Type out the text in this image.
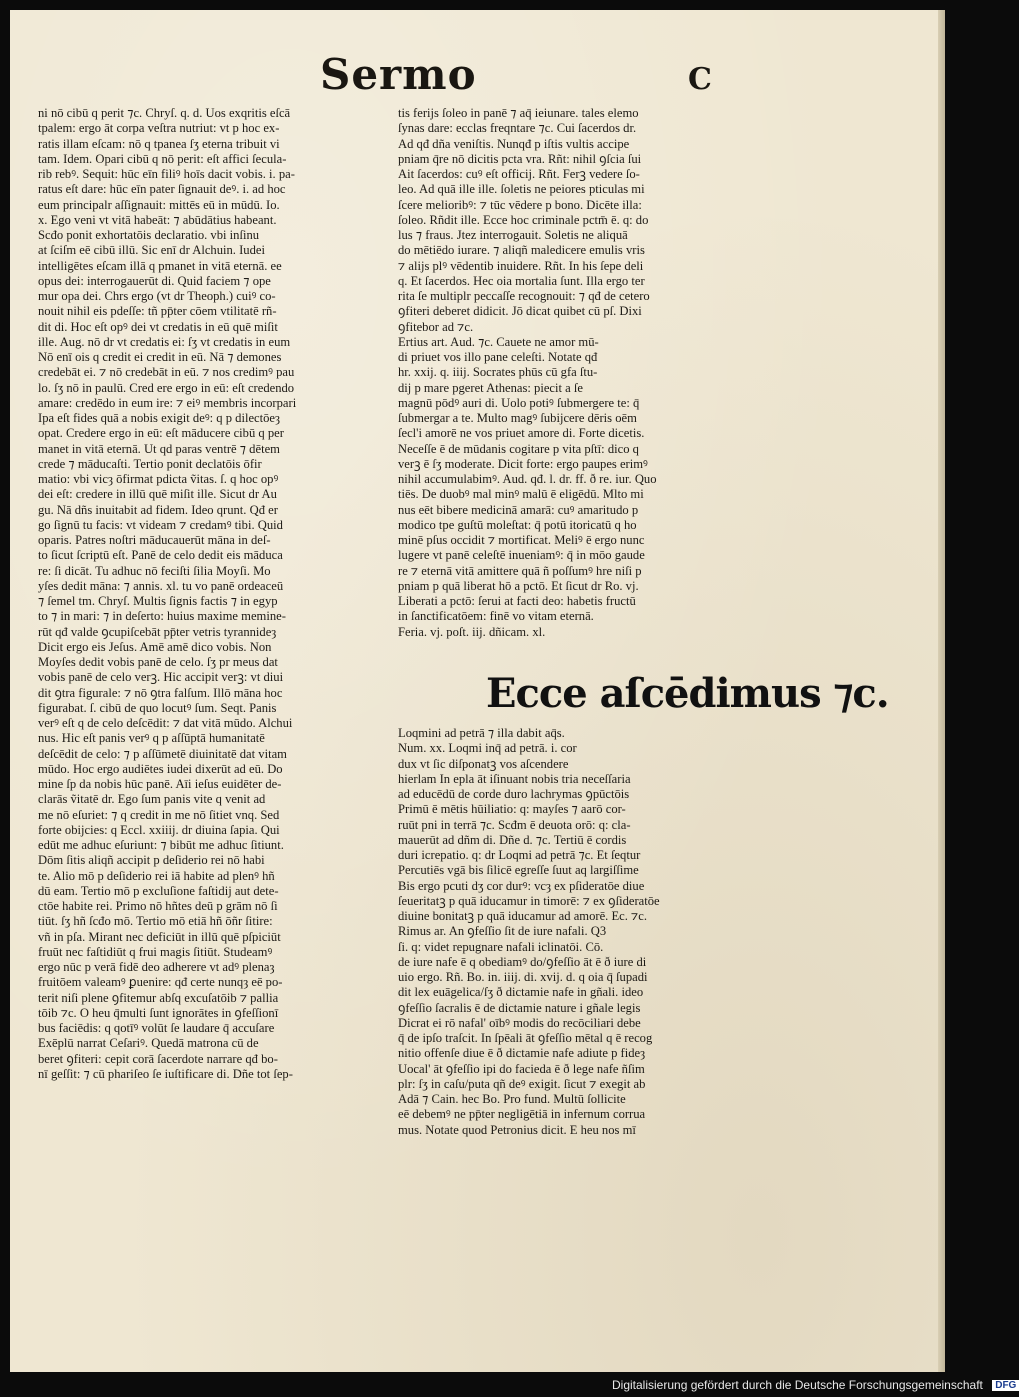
Sermo	C
ni nō cibū q perit ⁊c. Chryſ. q. d. Uos exqritis eſcā
tpalem: ergo āt corpa veſtra nutriut: vt p hoc ex-
ratis illam eſcam: nō q tpanea ſʒ eterna tribuit vi
tam. Idem. Opari cibū q nō perit: eſt affici ſecula-
rib rebꝰ. Sequit: hūc eīn filiꝰ hoīs dacit vobis. i. pa-
ratus eſt dare: hūc eīn pater ſignauit deꝰ. i. ad hoc
eum principalr aſſignauit: mittēs eū in mūdū. Io.
x. Ego veni vt vitā habeāt: ⁊ abūdātius habeant.
Scđo ponit exhortatōis declaratio. vbi inſinu
at ſciſm eē cibū illū. Sic enī dr Alchuin. Iudei
intelligētes eſcam illā q pmanet in vitā eternā. ee
opus dei: interrogauerūt di. Quid faciem ⁊ ope
mur opa dei. Chrs ergo (vt dr Theoph.) cuiꝰ co-
nouit nihil eis pdeſſe: tñ pp̄ter cōem vtilitatē rñ-
dit di. Hoc eſt opꝰ dei vt credatis in eū quē miſit
ille. Aug. nō dr vt credatis ei: ſʒ vt credatis in eum
Nō enī ois q credit ei credit in eū. Nā ⁊ demones
credebāt ei. ⁊ nō credebāt in eū. ⁊ nos credimꝰ pau
lo. ſʒ nō in paulū. Cred ere ergo in eū: eſt credendo
amare: credēdo in eum ire: ⁊ eiꝰ membris incorpari
Ipa eſt fides quā a nobis exigit deꝰ: q p dilectōeȝ
opat. Credere ergo in eū: eſt māducere cibū q per
manet in vitā eternā. Ut qd paras ventrē ⁊ dētem
crede ⁊ māducaſti. Tertio ponit declatōis ōfir
matio: vbi vicȝ ōfirmat pdicta ṽitas. ſ. q hoc opꝰ
dei eſt: credere in illū quē miſit ille. Sicut dr Au
gu. Nā dñs inuitabit ad fidem. Ideo qrunt. Qđ er
go ſignū tu facis: vt videam ⁊ credamꝰ tibi. Quid
oparis. Patres noſtri māducauerūt māna in deſ-
to ſicut ſcriptū eſt. Panē de celo dedit eis māduca
re: ſi dicāt. Tu adhuc nō feciſti ſilia Moyſi. Mo
yſes dedit māna: ⁊ annis. xl. tu vo panē ordeaceū
⁊ ſemel tm. Chryſ. Multis ſignis factis ⁊ in egyp
to ⁊ in mari: ⁊ in deſerto: huius maxime memine-
rūt qđ valde ꝯcupiſcebāt pp̄ter vetris tyrannideȝ
Dicit ergo eis Jeſus. Amē amē dico vobis. Non
Moyſes dedit vobis panē de celo. ſʒ pr meus dat
vobis panē de celo verꝫ. Hic accipit verꝫ: vt diui
dit ꝯtra figurale: ⁊ nō ꝯtra falſum. Illō māna hoc
figurabat. ſ. cibū de quo locutꝰ ſum. Seqt. Panis
verꝰ eſt q de celo deſcēdit: ⁊ dat vitā mūdo. Alchui
nus. Hic eſt panis verꝰ q p aſſūptā humanitatē
deſcēdit de celo: ⁊ p aſſūmetē diuinitatē dat vitam
mūdo. Hoc ergo audiētes iudei dixerūt ad eū. Do
mine ſp da nobis hūc panē. Aīi ieſus euidēter de-
clarās ṽitatē dr. Ego ſum panis vite q venit ad
me nō eſuriet: ⁊ q credit in me nō ſitiet vnq. Sed
forte obijcies: q Eccl. xxiiij. dr diuina ſapia. Qui
edūt me adhuc eſuriunt: ⁊ bibūt me adhuc ſitiunt.
Dōm ſitis aliqñ accipit p deſiderio rei nō habi
te. Alio mō p deſiderio rei iā habite ad plenꝰ hñ
dū eam. Tertio mō p excluſione faſtidij aut dete-
ctōe habite rei. Primo nō hñtes deū p grām nō ſi
tiūt. ſʒ hñ ſcđo mō. Tertio mō etiā hñ ōñr ſitire:
vñ in pſa. Mirant nec deficiūt in illū quē pſpiciūt
fruūt nec faſtidiūt q frui magis ſitiūt. Studeamꝰ
ergo nūc p verā fidē deo adherere vt adꝰ plenaȝ
fruitōem valeamꝰ ꝑuenire: qđ certe nunqȝ eē po-
terit niſi plene ꝯfitemur abſq excuſatōib ⁊ pallia
tōib ⁊c. O heu q̄multi ſunt ignorātes in ꝯfeſſionī
bus faciēdis: q qotīꝰ volūt ſe laudare q̄ accuſare
Exēplū narrat Ceſariꝰ. Quedā matrona cū de
beret ꝯfiteri: cepit corā ſacerdote narrare qđ bo-
nī geſſit: ⁊ cū phariſeo ſe iuſtificare di. Dñe tot ſep-
tis ferijs ſoleo in panē ⁊ aq̄ ieiunare. tales elemo
ſynas dare: ecclas freqntare ⁊c. Cui ſacerdos dr.
Ad qđ dña veniſtis. Nunqđ p iſtis vultis accipe
pniam q̄re nō dicitis pcta vra. Rñt: nihil ꝯſcia ſui
Ait ſacerdos: cuꝰ eſt officij. Rñt. Ferꝫ vedere ſo-
leo. Ad quā ille ille. ſoletis ne peiores pticulas mi
ſcere melioribꝰ: ⁊ tūc vēdere p bono. Dicēte illa:
ſoleo. Rñdit ille. Ecce hoc criminale pctm̄ ē. q: do
lus ⁊ fraus. Jtez interrogauit. Soletis ne aliquā
do mētiēdo iurare. ⁊ aliqñ maledicere emulis vris
⁊ alijs plꝰ vēdentib inuidere. Rñt. In his ſepe deli
q. Et ſacerdos. Hec oia mortalia ſunt. Illa ergo ter
rita ſe multiplr peccaſſe recognouit: ⁊ qđ de cetero
ꝯfiteri deberet didicit. Jō dicat quibet cū pſ. Dixi
ꝯfitebor ad ⁊c.
Ertius art. Aud. ⁊c. Cauete ne amor mū-
di priuet vos illo pane celeſti. Notate qđ
hr. xxij. q. iiij. Socrates phūs cū gfa ſtu-
dij p mare pgeret Athenas: piecit a ſe
magnū pōdꝰ auri di. Uolo potiꝰ ſubmergere te: q̄
ſubmergar a te. Multo magꝰ ſubijcere dēris oēm
ſecl'i amorē ne vos priuet amore di. Forte dicetis.
Neceſſe ē de mūdanis cogitare p vita pſtī: dico q
verꝫ ē ſʒ moderate. Dicit forte: ergo paupes erimꝰ
nihil accumulabimꝰ. Aud. qđ. l. dr. ff. ð re. iur. Quo
tiēs. De duobꝰ mal minꝰ malū ē eligēdū. Mlto mi
nus eēt bibere medicinā amarā: cuꝰ amaritudo p
modico tpe guſtū moleſtat: q̄ potū itoricatū q ho
minē pſus occidit ⁊ mortificat. Meliꝰ ē ergo nunc
lugere vt panē celeſtē inueniamꝰ: q̄ in mōo gaude
re ⁊ eternā vitā amittere quā ñ poſſumꝰ hre niſi p
pniam p quā liberat hō a pctō. Et ſicut dr Ro. vj.
Liberati a pctō: ſerui at facti deo: habetis fructū
in ſanctificatōem: finē vo vitam eternā.
Feria. vj. poſt. iij. dñicam. xl.
Ecce aſcēdimus ⁊c.
Loqmini ad petrā ⁊ illa dabit aq̄s.
Num. xx. Loqmi inq̄ ad petrā. i. cor
dux vt ſic diſponatꝫ vos aſcendere
hierlam In epla āt iſinuant nobis tria neceſſaria
ad educēdū de corde duro lachrymas ꝯpūctōis
Primū ē mētis hūiliatio: q: mayſes ⁊ aarō cor-
ruūt pni in terrā ⁊c. Scđm ē deuota orō: q: cla-
mauerūt ad dñm di. Dñe d. ⁊c. Tertiū ē cordis
duri icrepatio. q: dr Loqmi ad petrā ⁊c. Et ſeqtur
Percutiēs vgā bis ſilicē egreſſe ſuut aq largiſſime
Bis ergo pcuti dʒ cor durꝰ: vcȝ ex pſideratōe diue
ſeueritatꝫ p quā iducamur in timorē: ⁊ ex ꝯſideratōe
diuine bonitatꝫ p quā iducamur ad amorē. Ec. ⁊c.
Rimus ar. An ꝯfeſſio ſit de iure nafali. Q3
ſi. q: videt repugnare nafali iclinatōi. Cō.
de iure nafe ē q obediamꝰ do/ꝯfeſſio āt ē ð iure di
uio ergo. Rñ. Bo. in. iiij. di. xvij. d. q oia q̄ ſupadi
dit lex euāgelica/ſʒ ð dictamie nafe in gñali. ideo
ꝯfeſſio ſacralis ē de dictamie nature i gñale legis
Dicrat ei rō nafal' oībꝰ modis do recōciliari debe
q̄ de ipſo traſcit. In ſpēali āt ꝯfeſſio mētal q ē recog
nitio offenſe diue ē ð dictamie nafe adiute p fideȝ
Uocal' āt ꝯfeſſio ipi do facieda ē ð lege nafe ñſim
plr: ſʒ in caſu/puta qñ deꝰ exigit. ſicut ⁊ exegit ab
Adā ⁊ Cain. hec Bo. Pro fund. Multū ſollicite
eē debemꝰ ne pp̄ter negligētiā in infernum corrua
mus. Notate quod Petronius dicit. E heu nos mī
Digitalisierung gefördert durch die Deutsche Forschungsgemeinschaft DFG
